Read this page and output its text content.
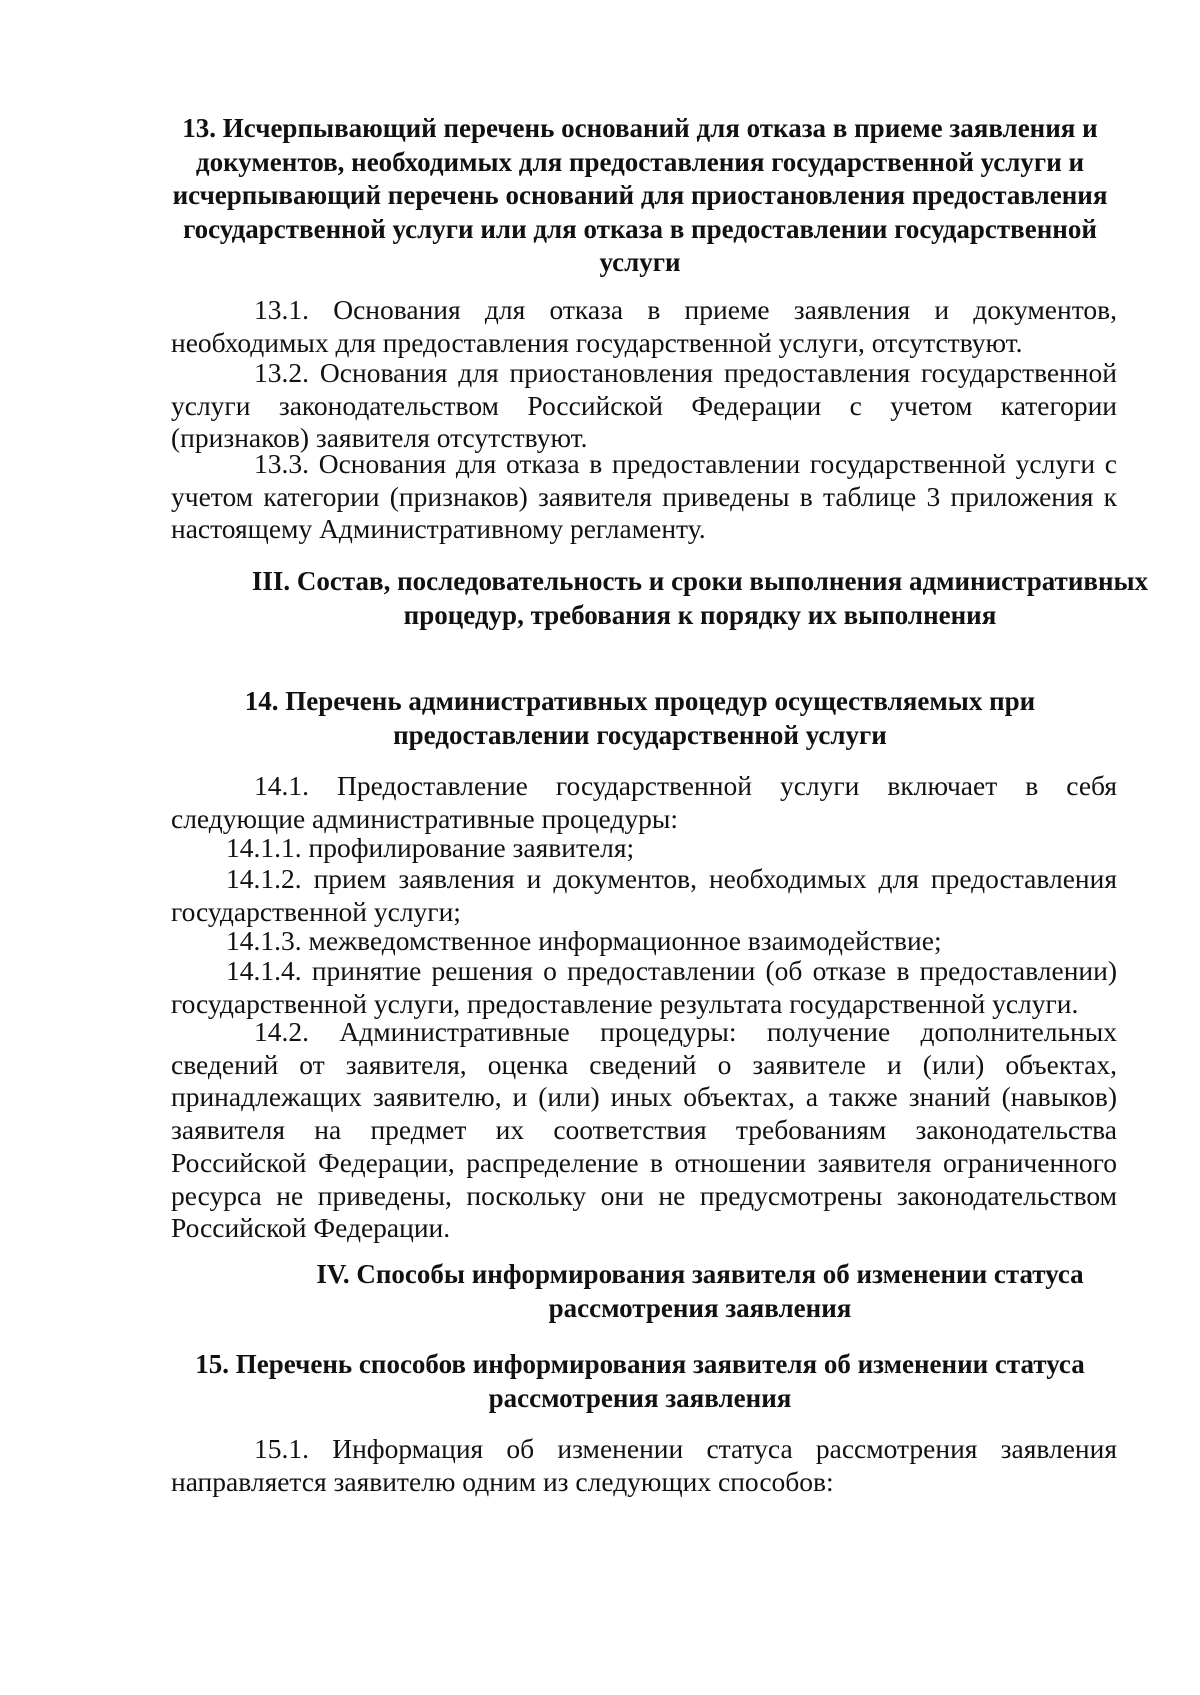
13. Исчерпывающий перечень оснований для отказа в приеме заявления и документов, необходимых для предоставления государственной услуги и исчерпывающий перечень оснований для приостановления предоставления государственной услуги или для отказа в предоставлении государственной услуги

13.1. Основания для отказа в приеме заявления и документов, необходимых для предоставления государственной услуги, отсутствуют.

13.2. Основания для приостановления предоставления государственной услуги законодательством Российской Федерации с учетом категории (признаков) заявителя отсутствуют.

13.3. Основания для отказа в предоставлении государственной услуги с учетом категории (признаков) заявителя приведены в таблице 3 приложения к настоящему Административному регламенту.

III. Состав, последовательность и сроки выполнения административных процедур, требования к порядку их выполнения
14. Перечень административных процедур осуществляемых при предоставлении государственной услуги

14.1. Предоставление государственной услуги включает в себя следующие административные процедуры:

14.1.1. профилирование заявителя;

14.1.2. прием заявления и документов, необходимых для предоставления государственной услуги;

14.1.3. межведомственное информационное взаимодействие;

14.1.4. принятие решения о предоставлении (об отказе в предоставлении) государственной услуги, предоставление результата государственной услуги.

14.2. Административные процедуры: получение дополнительных сведений от заявителя, оценка сведений о заявителе и (или) объектах, принадлежащих заявителю, и (или) иных объектах, а также знаний (навыков) заявителя на предмет их соответствия требованиям законодательства Российской Федерации, распределение в отношении заявителя ограниченного ресурса не приведены, поскольку они не предусмотрены законодательством Российской Федерации.

IV. Способы информирования заявителя об изменении статуса рассмотрения заявления
15. Перечень способов информирования заявителя об изменении статуса рассмотрения заявления

15.1. Информация об изменении статуса рассмотрения заявления направляется заявителю одним из следующих способов:
